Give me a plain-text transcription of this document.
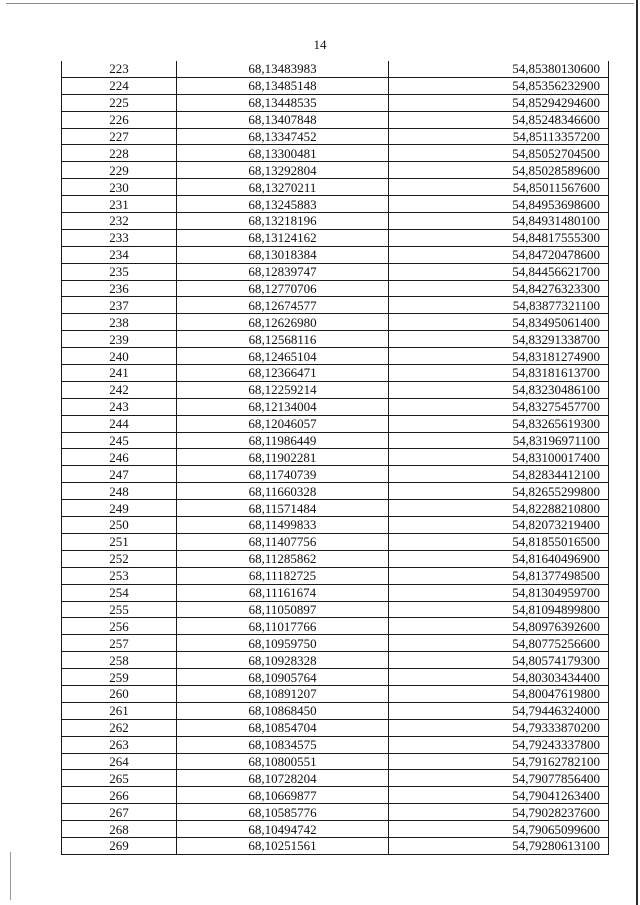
14
223	68,13483983	54,85380130600
224	68,13485148	54,85356232900
225	68,13448535	54,85294294600
226	68,13407848	54,85248346600
227	68,13347452	54,85113357200
228	68,13300481	54,85052704500
229	68,13292804	54,85028589600
230	68,13270211	54,85011567600
231	68,13245883	54,84953698600
232	68,13218196	54,84931480100
233	68,13124162	54,84817555300
234	68,13018384	54,84720478600
235	68,12839747	54,84456621700
236	68,12770706	54,84276323300
237	68,12674577	54,83877321100
238	68,12626980	54,83495061400
239	68,12568116	54,83291338700
240	68,12465104	54,83181274900
241	68,12366471	54,83181613700
242	68,12259214	54,83230486100
243	68,12134004	54,83275457700
244	68,12046057	54,83265619300
245	68,11986449	54,83196971100
246	68,11902281	54,83100017400
247	68,11740739	54,82834412100
248	68,11660328	54,82655299800
249	68,11571484	54,82288210800
250	68,11499833	54,82073219400
251	68,11407756	54,81855016500
252	68,11285862	54,81640496900
253	68,11182725	54,81377498500
254	68,11161674	54,81304959700
255	68,11050897	54,81094899800
256	68,11017766	54,80976392600
257	68,10959750	54,80775256600
258	68,10928328	54,80574179300
259	68,10905764	54,80303434400
260	68,10891207	54,80047619800
261	68,10868450	54,79446324000
262	68,10854704	54,79333870200
263	68,10834575	54,79243337800
264	68,10800551	54,79162782100
265	68,10728204	54,79077856400
266	68,10669877	54,79041263400
267	68,10585776	54,79028237600
268	68,10494742	54,79065099600
269	68,10251561	54,79280613100
